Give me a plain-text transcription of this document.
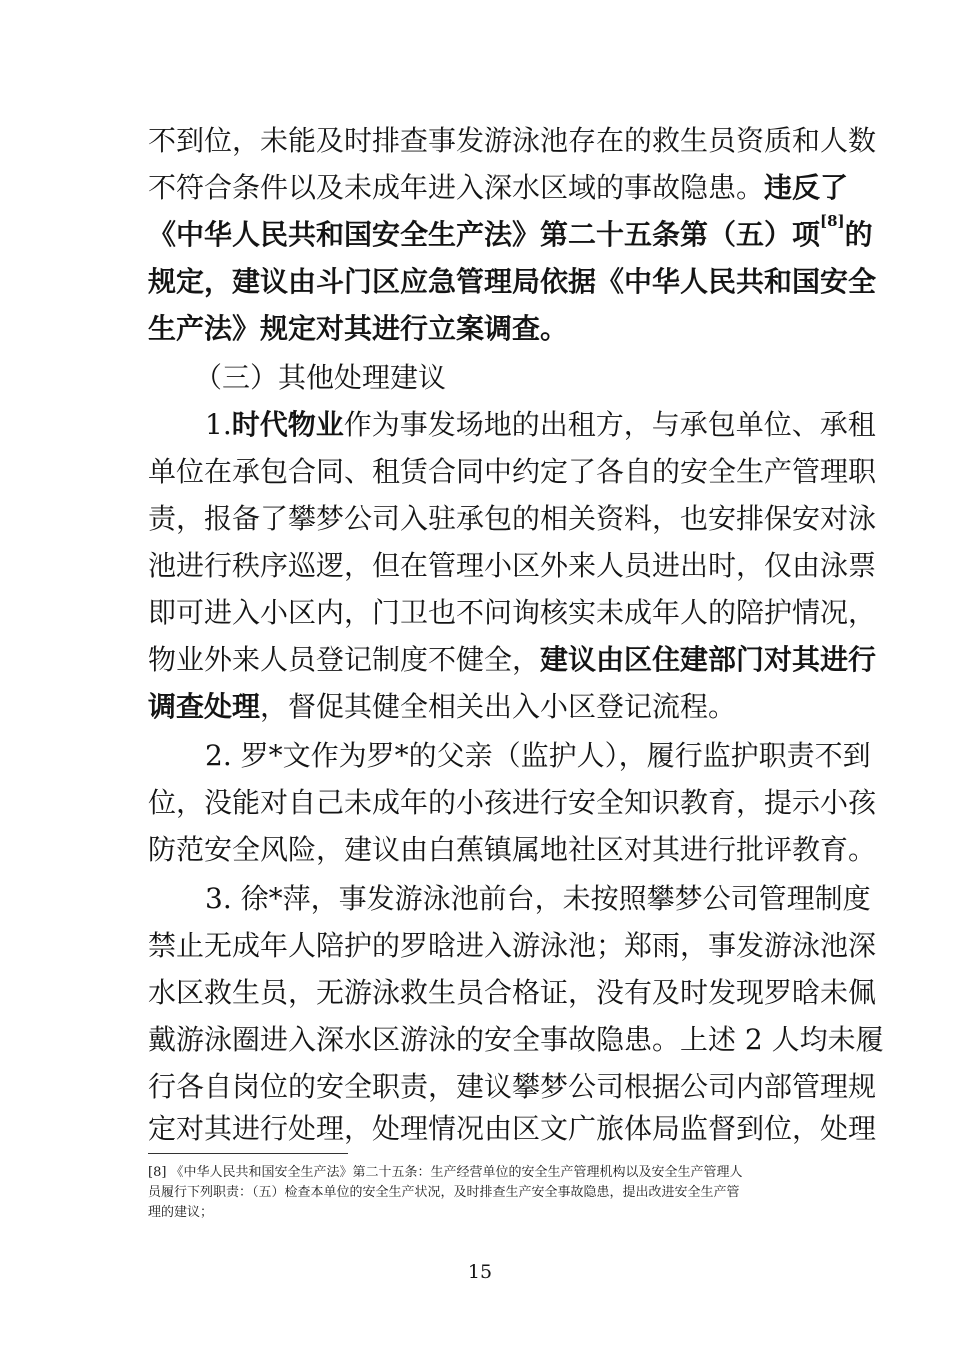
不到位，未能及时排查事发游泳池存在的救生员资质和人数
不符合条件以及未成年进入深水区域的事故隐患。违反了
《中华人民共和国安全生产法》第二十五条第（五）项[8]的
规定，建议由斗门区应急管理局依据《中华人民共和国安全
生产法》规定对其进行立案调查。
（三）其他处理建议
1.时代物业作为事发场地的出租方，与承包单位、承租
单位在承包合同、租赁合同中约定了各自的安全生产管理职
责，报备了攀梦公司入驻承包的相关资料，也安排保安对泳
池进行秩序巡逻，但在管理小区外来人员进出时，仅由泳票
即可进入小区内，门卫也不问询核实未成年人的陪护情况，
物业外来人员登记制度不健全，建议由区住建部门对其进行
调查处理，督促其健全相关出入小区登记流程。
2. 罗*文作为罗*的父亲（监护人），履行监护职责不到
位，没能对自己未成年的小孩进行安全知识教育，提示小孩
防范安全风险，建议由白蕉镇属地社区对其进行批评教育。
3. 徐*萍，事发游泳池前台，未按照攀梦公司管理制度
禁止无成年人陪护的罗晗进入游泳池；郑雨，事发游泳池深
水区救生员，无游泳救生员合格证，没有及时发现罗晗未佩
戴游泳圈进入深水区游泳的安全事故隐患。上述 2 人均未履
行各自岗位的安全职责，建议攀梦公司根据公司内部管理规
定对其进行处理，处理情况由区文广旅体局监督到位，处理
[8] 《中华人民共和国安全生产法》第二十五条：生产经营单位的安全生产管理机构以及安全生产管理人
员履行下列职责：（五）检查本单位的安全生产状况，及时排查生产安全事故隐患，提出改进安全生产管
理的建议；
15
